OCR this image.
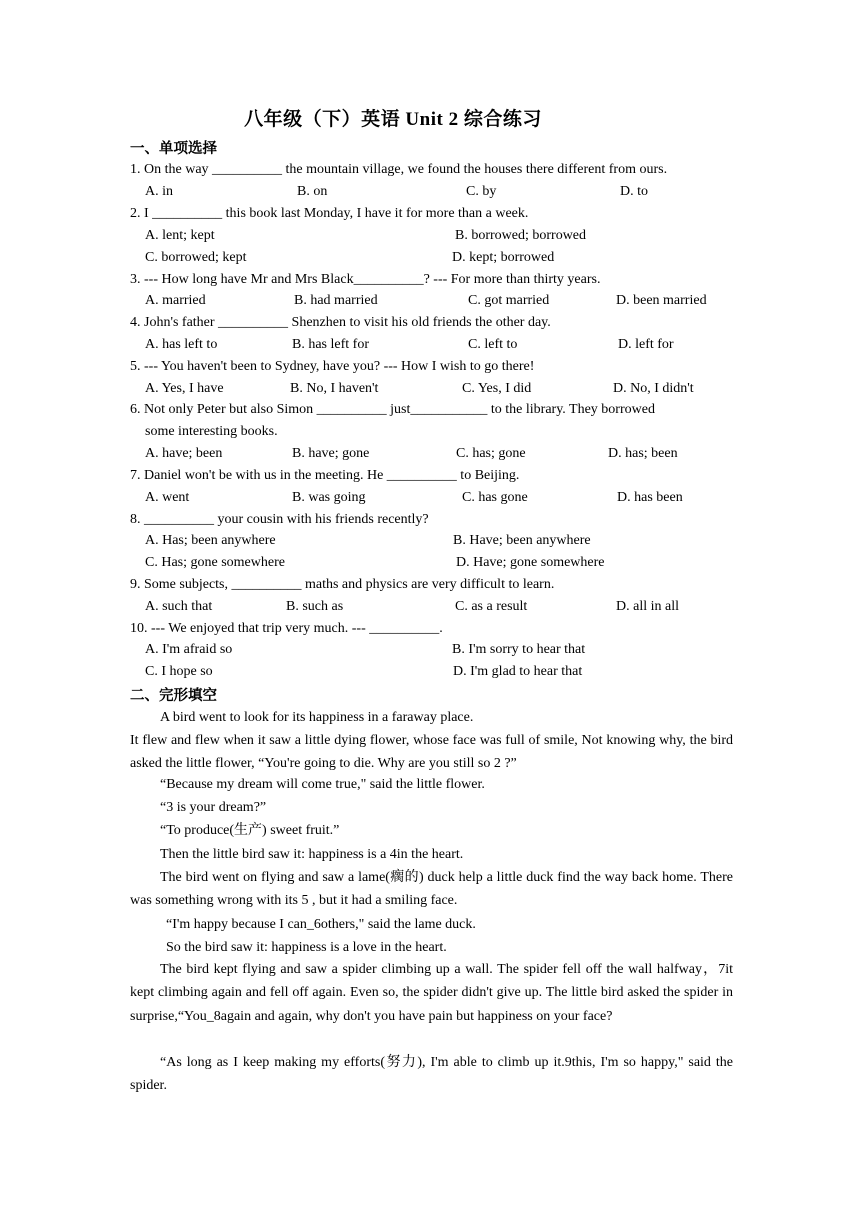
八年级（下）英语 Unit 2 综合练习
一、单项选择
1. On the way __________ the mountain village, we found the houses there different from ours.
A. in	B. on	C. by	D. to
2. I __________ this book last Monday, I have it for more than a week.
A. lent; kept	B. borrowed; borrowed
C. borrowed; kept	D. kept; borrowed
3. --- How long have Mr and Mrs Black__________? --- For more than thirty years.
A. married	B. had married	C. got married	D. been married
4. John's father __________ Shenzhen to visit his old friends the other day.
A. has left to	B. has left for	C. left to	D. left for
5. --- You haven't been to Sydney, have you? --- How I wish to go there!
A. Yes, I have	B. No, I haven't	C. Yes, I did	D. No, I didn't
6. Not only Peter but also Simon __________ just___________ to the library. They borrowed
some interesting books.
A. have; been	B. have; gone	C. has; gone	D. has; been
7. Daniel won't be with us in the meeting. He __________ to Beijing.
A. went	B. was going	C. has gone	D. has been
8. __________ your cousin with his friends recently?
A. Has; been anywhere	B. Have; been anywhere
C. Has; gone somewhere	D. Have; gone somewhere
9. Some subjects, __________ maths and physics are very difficult to learn.
A. such that	B. such as	C. as a result	D. all in all
10. --- We enjoyed that trip very much. --- __________.
A. I'm afraid so	B. I'm sorry to hear that
C. I hope so	D. I'm glad to hear that
二、完形填空
A bird went to look for its happiness in a faraway place.
It flew and flew when it saw a little dying flower, whose face was full of smile, Not knowing why, the bird asked the little flower, “You're going to die. Why are you still so 2 ?”
“Because my dream will come true," said the little flower.
“3 is your dream?”
“To produce(生产) sweet fruit.”
Then the little bird saw it: happiness is a 4in the heart.
The bird went on flying and saw a lame(瘸的) duck help a little duck find the way back home. There was something wrong with its 5 , but it had a smiling face.
“I'm happy because I can_6others," said the lame duck.
So the bird saw it: happiness is a love in the heart.
The bird kept flying and saw a spider climbing up a wall. The spider fell off the wall halfway，7it kept climbing again and fell off again. Even so, the spider didn't give up. The little bird asked the spider in surprise,“You_8again and again, why don't you have pain but happiness on your face?
“As long as I keep making my efforts(努力), I'm able to climb up it.9this, I'm so happy," said the spider.
